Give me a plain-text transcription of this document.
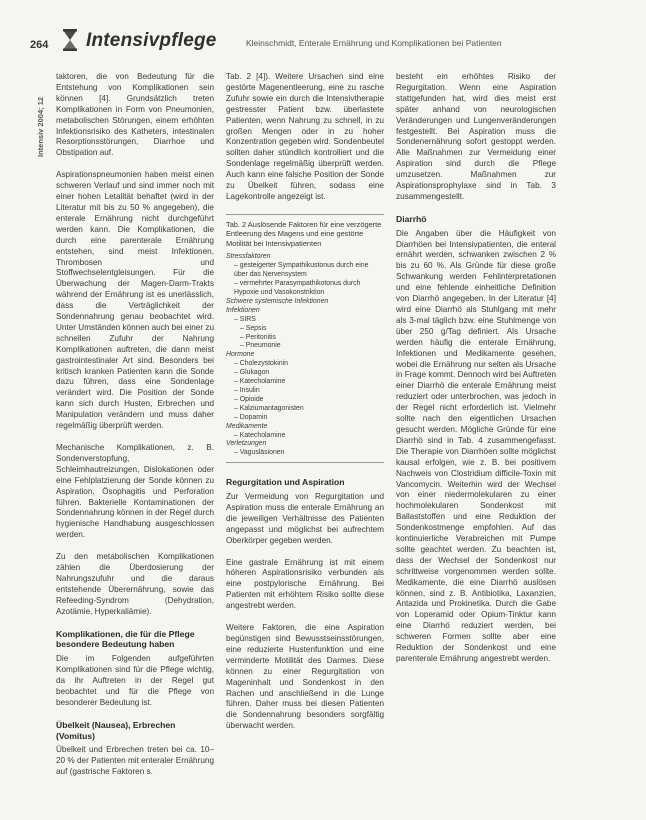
264 Intensivpflege	Kleinschmidt, Enterale Ernährung und Komplikationen bei Patienten
Intensiv 2004; 12

taktoren, die von Bedeutung für die Entstehung von Komplikationen sein können [4]. Grundsätzlich treten Komplikationen in Form von Pneumonien, metabolischen Störungen, einem erhöhten Infektionsrisiko des Katheters, intestinalen Resorptionsstörungen, Diarrhoe und Obstipation auf.

Aspirationspneumonien haben meist einen schweren Verlauf und sind immer noch mit einer hohen Letalität behaftet (wird in der Literatur mit bis zu 50 % angegeben), die enterale Ernährung nicht durchgeführt werden kann. Die Komplikationen, die durch eine parenterale Ernährung entstehen, sind meist Infektionen, Thrombosen und Stoffwechselentgleisungen. Für die Überwachung der Magen-Darm-Trakts während der Ernährung ist es unerlässlich, dass die Verträglichkeit der Sondennahrung genau beobachtet wird. Unter Umständen können auch bei einer zu schnellen Zufuhr der Nahrung Komplikationen auftreten, die dann meist gastrointestinaler Art sind. Besonders bei kritisch kranken Patienten kann die Sonde dazu führen, dass eine Sondenlage verändert wird. Die Position der Sonde kann sich durch Husten, Erbrechen und Manipulation verändern und muss daher regelmäßig überprüft werden.

Mechanische Komplikationen, z. B. Sondenverstopfung, Schleimhautreizungen, Dislokationen oder eine Fehlplatzierung der Sonde können zu Aspiration, Ösophagitis und Perforation führen. Bakterielle Kontaminationen der Sondennahrung können in der Regel durch hygienische Handhabung ausgeschlossen werden.

Zu den metabolischen Komplikationen zählen die Überdosierung der Nahrungszufuhr und die daraus entstehende Überernährung, sowie das Refeeding-Syndrom (Dehydration, Azotämie, Hyperkaliämie).

Komplikationen, die für die Pflege besondere Bedeutung haben

Die im Folgenden aufgeführten Komplikationen sind für die Pflege wichtig, da ihr Auftreten in der Regel gut beobachtet und für die Pflege von besonderer Bedeutung ist.

Übelkeit (Nausea), Erbrechen (Vomitus)

Übelkeit und Erbrechen treten bei ca. 10–20 % der Patienten mit enteraler Ernährung auf (gastrische Faktoren s.

Tab. 2 [4]). Weitere Ursachen sind eine gestörte Magenentleerung, eine zu rasche Zufuhr sowie ein durch die Intensivtherapie gestresster Patient bzw. überlastete Patienten, wenn Nahrung zu schnell, in zu großen Mengen oder in zu hoher Konzentration gegeben wird. Sondenbeutel sollten daher stündlich kontrolliert und die Sondenlage regelmäßig überprüft werden. Auch kann eine falsche Position der Sonde zu Übelkeit führen, sodass eine Lagekontrolle angezeigt ist.

Tab. 2 Auslösende Faktoren für eine verzögerte Entleerung des Magens und eine gestörte Motilität bei Intensivpatienten
Stressfaktoren
– gesteigerter Sympathikustonus durch eine über das Nervensystem
– vermehrter Parasympathikotonus durch Hypoxie und Vasokonstriktion
Schwere systemische Infektionen
Infektionen
– SIRS
– Sepsis
– Peritonitis
– Pneumonie
Hormone
– Cholezystokinin
– Glukagon
– Katecholamine
– Insulin
– Opioide
– Kalziumantagonisten
– Dopamin
Medikamente
– Katecholamine
Verletzungen
– Vagusläsionen
Regurgitation und Aspiration

Zur Vermeidung von Regurgitation und Aspiration muss die enterale Ernährung an die jeweiligen Verhältnisse des Patienten angepasst und möglichst bei aufrechtem Oberkörper gegeben werden.

Eine gastrale Ernährung ist mit einem höheren Aspirationsrisiko verbunden als eine postpylorische Ernährung. Bei Patienten mit erhöhtem Risiko sollte diese angestrebt werden.

Weitere Faktoren, die eine Aspiration begünstigen sind Bewusstseinsstörungen, eine reduzierte Hustenfunktion und eine verminderte Motilität des Darmes. Diese können zu einer Regurgitation von Mageninhalt und Sondenkost in den Rachen und anschließend in die Lunge führen. Daher muss bei diesen Patienten die Sondennahrung besonders sorgfältig überwacht werden.

besteht ein erhöhtes Risiko der Regurgitation. Wenn eine Aspiration stattgefunden hat, wird dies meist erst später anhand von neurologischen Veränderungen und Lungenveränderungen festgestellt. Bei Aspiration muss die Sondenernährung sofort gestoppt werden. Alle Maßnahmen zur Vermeidung einer Aspiration sind durch die Pflege umzusetzen. Maßnahmen zur Aspirationsprophylaxe sind in Tab. 3 zusammengestellt.

Diarrhö

Die Angaben über die Häufigkeit von Diarrhöen bei Intensivpatienten, die enteral ernährt werden, schwanken zwischen 2 % bis zu 60 %. Als Gründe für diese große Schwankung werden Fehlinterpretationen und eine fehlende einheitliche Definition von Diarrhö angegeben. In der Literatur [4] wird eine Diarrhö als Stuhlgang mit mehr als 3-mal täglich bzw. eine Stuhlmenge von über 250 g/Tag definiert. Als Ursache werden häufig die enterale Ernährung, Infektionen und Medikamente gesehen, wobei die Ernährung nur selten als Ursache in Frage kommt. Dennoch wird bei Auftreten einer Diarrhö die enterale Ernährung meist reduziert oder unterbrochen, was jedoch in der Regel nicht erforderlich ist. Vielmehr sollte nach den eigentlichen Ursachen gesucht werden. Mögliche Gründe für eine Diarrhö sind in Tab. 4 zusammengefasst. Die Therapie von Diarrhöen sollte möglichst kausal erfolgen, wie z. B. bei positivem Nachweis von Clostridium difficile-Toxin mit Vancomycin. Weiterhin wird der Wechsel von einer niedermolekularen zu einer hochmolekularen Sondenkost mit Ballaststoffen und eine Reduktion der Sondenkostmenge empfohlen. Auf das kontinuierliche Verabreichen mit Pumpe sollte geachtet werden. Zu beachten ist, dass der Wechsel der Sondenkost nur schrittweise vorgenommen werden sollte. Medikamente, die eine Diarrhö auslösen können, sind z. B. Antibiotika, Laxanzien, Antazida und Prokinetika. Durch die Gabe von Loperamid oder Opium-Tinktur kann eine Diarrhö reduziert werden, bei schweren Formen sollte aber eine Reduktion der Sondenkost und eine parenterale Ernährung angestrebt werden.
